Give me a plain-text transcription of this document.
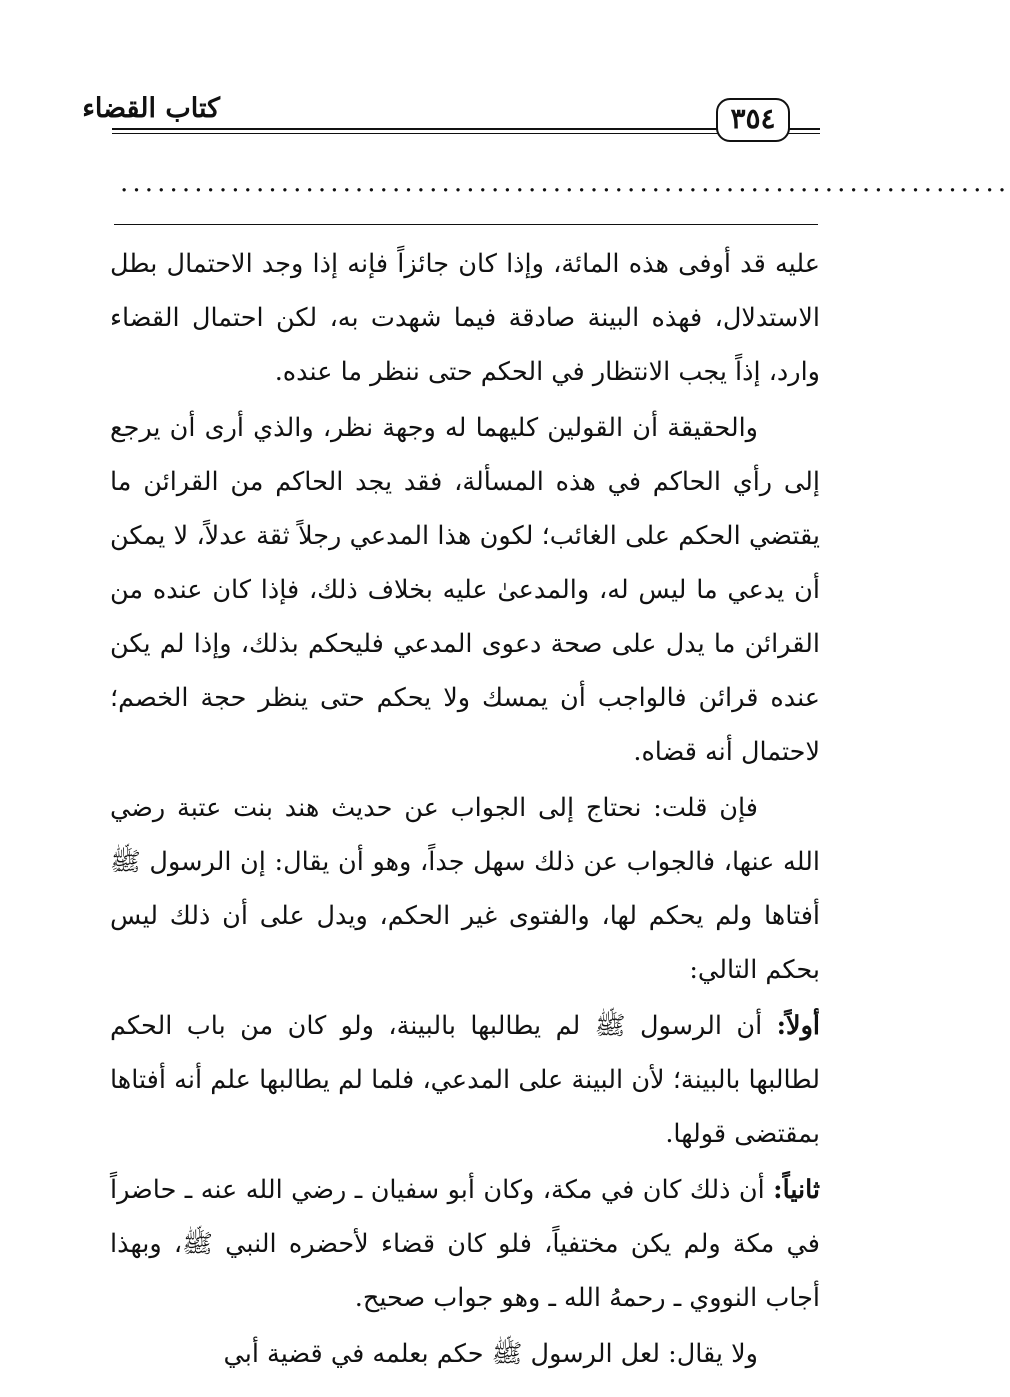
كتاب القضاء	٣٥٤
........................................................................

عليه قد أوفى هذه المائة، وإذا كان جائزاً فإنه إذا وجد الاحتمال بطل الاستدلال، فهذه البينة صادقة فيما شهدت به، لكن احتمال القضاء وارد، إذاً يجب الانتظار في الحكم حتى ننظر ما عنده.

والحقيقة أن القولين كليهما له وجهة نظر، والذي أرى أن يرجع إلى رأي الحاكم في هذه المسألة، فقد يجد الحاكم من القرائن ما يقتضي الحكم على الغائب؛ لكون هذا المدعي رجلاً ثقة عدلاً، لا يمكن أن يدعي ما ليس له، والمدعىٰ عليه بخلاف ذلك، فإذا كان عنده من القرائن ما يدل على صحة دعوى المدعي فليحكم بذلك، وإذا لم يكن عنده قرائن فالواجب أن يمسك ولا يحكم حتى ينظر حجة الخصم؛ لاحتمال أنه قضاه.

فإن قلت: نحتاج إلى الجواب عن حديث هند بنت عتبة رضي الله عنها، فالجواب عن ذلك سهل جداً، وهو أن يقال: إن الرسول ﷺ أفتاها ولم يحكم لها، والفتوى غير الحكم، ويدل على أن ذلك ليس بحكم التالي:

أولاً: أن الرسول ﷺ لم يطالبها بالبينة، ولو كان من باب الحكم لطالبها بالبينة؛ لأن البينة على المدعي، فلما لم يطالبها علم أنه أفتاها بمقتضى قولها.

ثانياً: أن ذلك كان في مكة، وكان أبو سفيان ـ رضي الله عنه ـ حاضراً في مكة ولم يكن مختفياً، فلو كان قضاء لأحضره النبي ﷺ، وبهذا أجاب النووي ـ رحمهُ الله ـ وهو جواب صحيح.

ولا يقال: لعل الرسول ﷺ حكم بعلمه في قضية أبي
